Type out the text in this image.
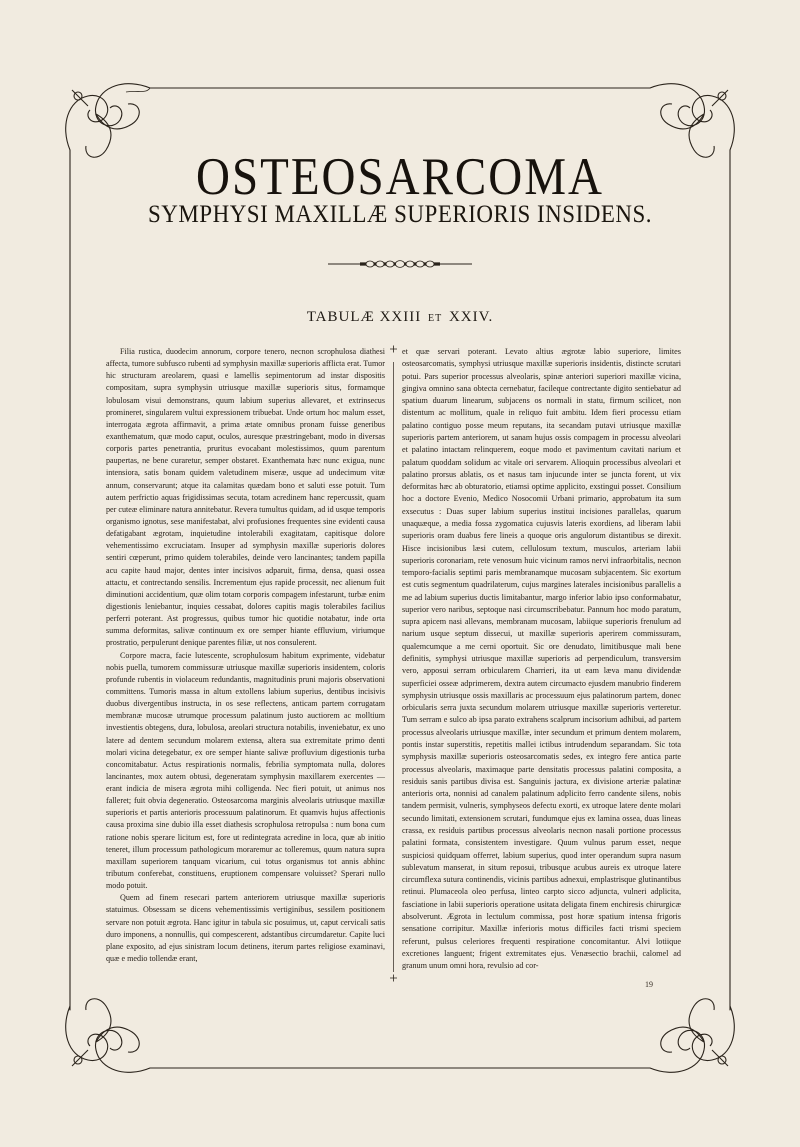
OSTEOSARCOMA
SYMPHYSI MAXILLÆ SUPERIORIS INSIDENS.
TABULÆ XXIII ET XXIV.

Filia rustica, duodecim annorum, corpore tenero, necnon scrophulosa diathesi affecta, tumore subfusco rubenti ad symphysin maxillæ superioris afflicta erat. Tumor hic structuram areolarem, quasi e lamellis sepimentorum ad instar dispositis compositam, supra symphysin utriusque maxillæ superioris situs, formamque lobulosam visui demonstrans, quum labium superius allevaret, et extrinsecus promineret, singularem vultui expressionem tribuebat. Unde ortum hoc malum esset, interrogata ægrota affirmavit, a prima ætate omnibus pronam fuisse generibus exanthematum, quæ modo caput, oculos, auresque præstringebant, modo in diversas corporis partes penetrantia, pruritus evocabant molestissimos, quum parentum paupertas, ne bene curaretur, semper obstaret. Exanthemata hæc nunc exigua, nunc intensiora, satis bonam quidem valetudinem miseræ, usque ad undecimum vitæ annum, conservarunt; atque ita calamitas quædam bono et saluti esse potuit. Tum autem perfrictio aquas frigidissimas secuta, totam acredinem hanc repercussit, quam per cuteæ eliminare natura annitebatur. Revera tumultus quidam, ad id usque temporis organismo ignotus, sese manifestabat, alvi profusiones frequentes sine evidenti causa defatigabant ægrotam, inquietudine intolerabili exagitatam, capitisque dolore vehementissimo excruciatam. Insuper ad symphysin maxillæ superioris dolores sentiri cœperunt, primo quidem tolerabiles, deinde vero lancinantes; tandem papilla acu capite haud major, dentes inter incisivos adparuit, firma, densa, quasi ossea attactu, et contrectando sensilis. Incrementum ejus rapide processit, nec alienum fuit diminutioni accidentium, quæ olim totam corporis compagem infestarunt, turbæ enim digestionis leniebantur, inquies cessabat, dolores capitis magis tolerabiles facilius perferri poterant. Ast progressus, quibus tumor hic quotidie notabatur, inde orta summa deformitas, salivæ continuum ex ore semper hiante effluvium, viriumque prostratio, perpulerunt denique parentes filiæ, ut nos consulerent.

Corpore macra, facie lutescente, scrophulosum habitum exprimente, videbatur nobis puella, tumorem commissuræ utriusque maxillæ superioris insidentem, coloris profunde rubentis in violaceum redundantis, magnitudinis pruni majoris observationi committens. Tumoris massa in altum extollens labium superius, dentibus incisivis duobus divergentibus instructa, in os sese reflectens, anticam partem corrugatam membranæ mucosæ utrumque processum palatinum justo auctiorem ac molltium investientis obtegens, dura, lobulosa, areolari structura notabilis, inveniebatur, ex uno latere ad dentem secundum molarem extensa, altera sua extremitate primo denti molari vicina detegebatur, ex ore semper hiante salivæ profluvium digestionis turba concomitabatur. Actus respirationis normalis, febrilia symptomata nulla, dolores lancinantes, mox autem obtusi, degeneratam symphysin maxillarem exercentes — erant indicia de misera ægrota mihi colligenda. Nec fieri potuit, ut animus nos falleret; fuit obvia degeneratio. Osteosarcoma marginis alveolaris utriusque maxillæ superioris et partis anterioris processuum palatinorum. Et quamvis hujus affectionis causa proxima sine dubio illa esset diathesis scrophulosa retropulsa : num bona cum ratione nobis sperare licitum est, fore ut redintegrata acredine in loca, quæ ab initio teneret, illum processum pathologicum moraremur ac tolleremus, quum natura supra maxillam superiorem tanquam vicarium, cui totus organismus tot annis abhinc tributum conferebat, constituens, eruptionem compensare voluisset? Sperari nullo modo potuit.

Quem ad finem resecari partem anteriorem utriusque maxillæ superioris statuimus. Obsessam se dicens vehementissimis vertiginibus, sessilem positionem servare non potuit ægrota. Hanc igitur in tabula sic posuimus, ut, caput cervicali satis duro imponens, a nonnullis, qui compescerent, adstantibus circumdaretur. Capite luci plane exposito, ad ejus sinistram locum detinens, iterum partes religiose examinavi, quæ e medio tollendæ erant,

et quæ servari poterant. Levato altius ægrotæ labio superiore, limites osteosarcomatis, symphysi utriusque maxillæ superioris insidentis, distincte scrutari potui. Pars superior processus alveolaris, spinæ anteriori superiori maxillæ vicina, gingiva omnino sana obtecta cernebatur, facileque contrectante digito sentiebatur ad spatium duarum linearum, subjacens os normali in statu, firmum scilicet, non distentum ac mollitum, quale in reliquo fuit ambitu. Idem fieri processu etiam palatino contiguo posse meum reputans, ita secandam putavi utriusque maxillæ superioris partem anteriorem, ut sanam hujus ossis compagem in processu alveolari et palatino intactam relinquerem, eoque modo et pavimentum cavitati narium et palatum quoddam solidum ac vitale ori servarem. Alioquin processibus alveolari et palatino prorsus ablatis, os et nasus tam injucunde inter se juncta forent, ut vix deformitas hæc ab obturatorio, etiamsi optime applicito, exstingui posset. Consilium hoc a doctore Evenio, Medico Nosocomii Urbani primario, approbatum ita sum exsecutus : Duas super labium superius institui incisiones parallelas, quarum unaquæque, a media fossa zygomatica cujusvis lateris exordiens, ad liberam labii superioris oram duabus fere lineis a quoque oris angulorum distantibus se direxit. Hisce incisionibus læsi cutem, cellulosum textum, musculos, arteriam labii superioris coronariam, rete venosum huic vicinum ramos nervi infraorbitalis, necnon temporo-facialis septimi paris membranamque mucosam subjacentem. Sic exortum est cutis segmentum quadrilaterum, cujus margines laterales incisionibus parallelis a me ad labium superius ductis limitabantur, margo inferior labio ipso conformabatur, superior vero naribus, septoque nasi circumscribebatur. Pannum hoc modo paratum, supra apicem nasi allevans, membranam mucosam, labiique superioris frenulum ad narium usque septum dissecui, ut maxillæ superioris aperirem commissuram, qualemcumque a me cerni oportuit. Sic ore denudato, limitibusque mali bene definitis, symphysi utriusque maxillæ superioris ad perpendiculum, transversim vero, apposui serram orbicularem Charrieri, ita ut eam læva manu dividendæ superficiei osseæ adprimerem, dextra autem circumacto ejusdem manubrio finderem symphysin utriusque ossis maxillaris ac processuum ejus palatinorum partem, donec orbicularis serra juxta secundum molarem utriusque maxillæ superioris verteretur. Tum serram e sulco ab ipsa parato extrahens scalprum incisorium adhibui, ad partem processus alveolaris utriusque maxillæ, inter secundum et primum dentem molarem, pontis instar superstitis, repetitis mallei ictibus intrudendum separandam. Sic tota symphysis maxillæ superioris osteosarcomatis sedes, ex integro fere antica parte processus alveolaris, maximaque parte densitatis processus palatini composita, a residuis sanis partibus divisa est. Sanguinis jactura, ex divisione arteriæ palatinæ anterioris orta, nonnisi ad canalem palatinum adplicito ferro candente silens, nobis tandem permisit, vulneris, symphyseos defectu exorti, ex utroque latere dente molari secundo limitati, extensionem scrutari, fundumque ejus ex lamina ossea, duas lineas crassa, ex residuis partibus processus alveolaris necnon nasali portione processus palatini formata, consistentem investigare. Quum vulnus parum esset, neque suspiciosi quidquam offerret, labium superius, quod inter operandum supra nasum sublevatum manserat, in situm reposui, tribusque acubus aureis ex utroque latere circumflexa sutura continendis, vicinis partibus adnexui, emplastrisque glutinantibus retinui. Plumaceola oleo perfusa, linteo carpto sicco adjuncta, vulneri adplicita, fasciatione in labii superioris operatione usitata deligata finem enchiresis chirurgicæ absolverunt. Ægrota in lectulum commissa, post horæ spatium intensa frigoris sensatione corripitur. Maxillæ inferioris motus difficiles facti trismi speciem referunt, pulsus celeriores frequenti respiratione concomitantur. Alvi lotiique excretiones languent; frigent extremitates ejus. Venæsectio brachii, calomel ad granum unum omni hora, revulsio ad cor-

19
